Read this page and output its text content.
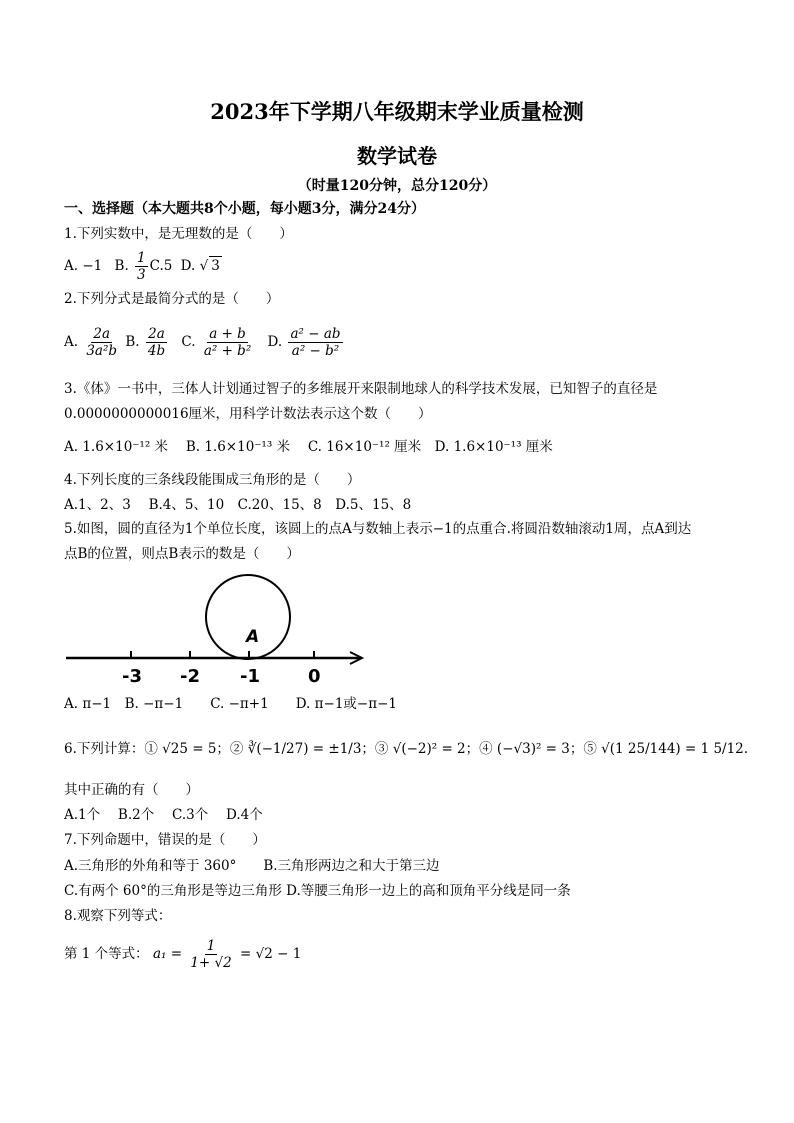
2023年下学期八年级期末学业质量检测
数学试卷
（时量120分钟，总分120分）
一、选择题（本大题共8个小题，每小题3分，满分24分）
1.下列实数中，是无理数的是（　　）
A. −1 B. $\frac{1}{3} C.5$ D. √ 3
2.下列分式是最简分式的是（　　）
A. $\frac{2a}{\text{3a²b}} B$. $\frac{2a}{4b} C$. $\frac{a + b}{\text{a² + b²}} D$. $\frac{\text{a² − ab}}{\text{a² − b²}}$
3.《体》一书中，三体人计划通过智子的多维展开来限制地球人的科学技术发展，已知智子的直径是
0.0000000000016厘米，用科学计数法表示这个数（　　）
A. 1.6×10⁻¹² 米　 B. 1.6×10⁻¹³ 米　 C. 16×10⁻¹² 厘米　D. 1.6×10⁻¹³ 厘米
4.下列长度的三条线段能围成三角形的是（　　）
A.1、2、3　 B.4、5、10　C.20、15、8　D.5、15、8
5.如图，圆的直径为1个单位长度，该圆上的点A与数轴上表示−1的点重合.将圆沿数轴滚动1周，点A到达
点B的位置，则点B表示的数是（　　）
A
-3 -2 -1	0
A. π−1　B. −π−1　　C. −π+1　　D. π−1或−π−1
6.下列计算：① √25 = 5；② ∛(−1/27) = ±1/3；③ √(−2)² = 2；④ (−√3)² = 3；⑤ √(1 25/144) = 1 5/12.
其中正确的有（　　）
A.1个　 B.2个　 C.3个　 D.4个
7.下列命题中，错误的是（　　）
A.三角形的外角和等于 360°　　B.三角形两边之和大于第三边
C.有两个 60°的三角形是等边三角形 D.等腰三角形一边上的高和顶角平分线是同一条
8.观察下列等式：
第 1 个等式： $a_1 = \frac{1}{1+ √2} = √2 - 1$
